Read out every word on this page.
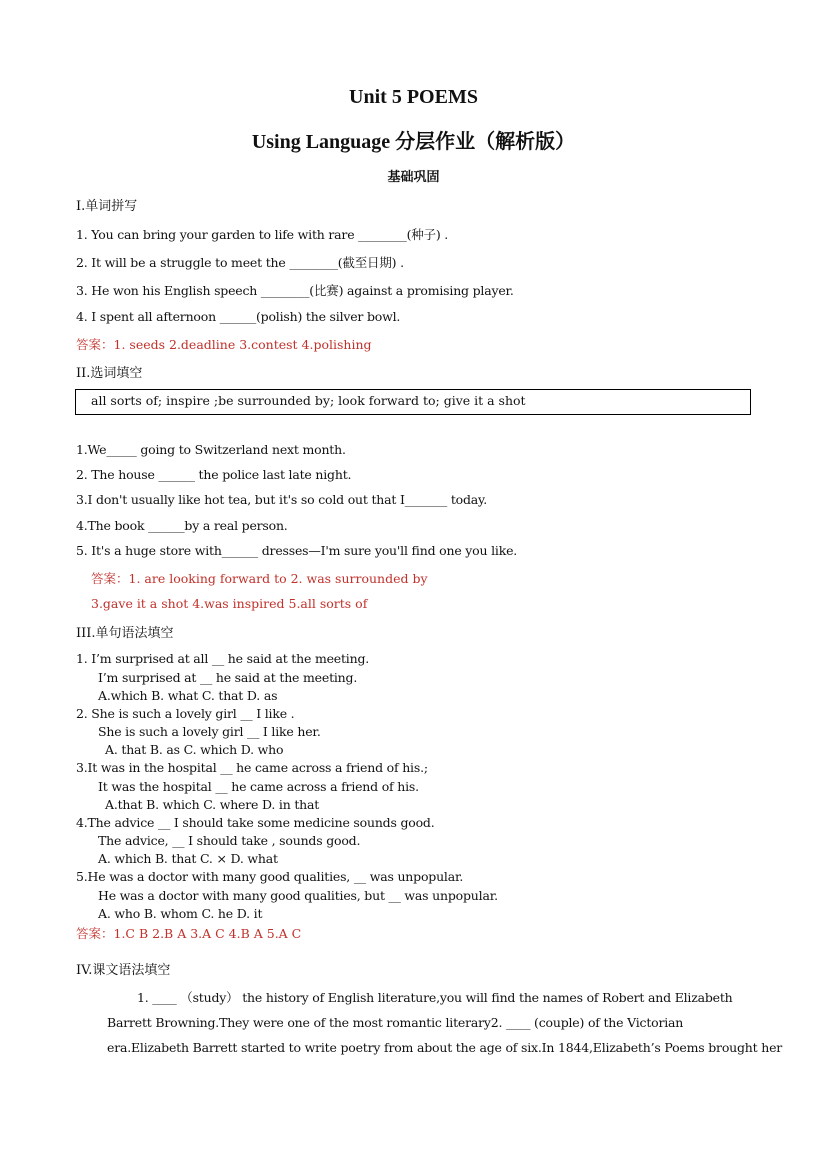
Unit 5 POEMS
Using Language 分层作业（解析版）
基础巩固
I.单词拼写
1. You can bring your garden to life with rare ________(种子) .
2. It will be a struggle to meet the ________(截至日期) .
3. He won his English speech ________(比赛) against a promising player.
4. I spent all afternoon ______(polish) the silver bowl.
答案：1. seeds 2.deadline 3.contest 4.polishing
II.选词填空
all sorts of; inspire ;be surrounded by; look forward to; give it a shot
1.We_____ going to Switzerland next month.
2. The house ______ the police last late night.
3.I don't usually like hot tea, but it's so cold out that I_______ today.
4.The book ______by a real person.
5. It's a huge store with______ dresses—I'm sure you'll find one you like.
答案：1. are looking forward to 2. was surrounded by
3.gave it a shot 4.was inspired 5.all sorts of
III.单句语法填空
1. I’m surprised at all __ he said at the meeting.
I’m surprised at __ he said at the meeting.
A.which B. what C. that D. as
2. She is such a lovely girl __ I like .
She is such a lovely girl __ I like her.
A. that B. as C. which D. who
3.It was in the hospital __ he came across a friend of his.;
It was the hospital __ he came across a friend of his.
A.that B. which C. where D. in that
4.The advice __ I should take some medicine sounds good.
The advice, __ I should take , sounds good.
A. which B. that C. × D. what
5.He was a doctor with many good qualities, __ was unpopular.
He was a doctor with many good qualities, but __ was unpopular.
A. who B. whom C. he D. it
答案：1.C B 2.B A 3.A C 4.B A 5.A C
IV.课文语法填空
1. ____ （study） the history of English literature,you will find the names of Robert and Elizabeth
Barrett Browning.They were one of the most romantic literary2. ____ (couple) of the Victorian
era.Elizabeth Barrett started to write poetry from about the age of six.In 1844,Elizabeth’s Poems brought her
